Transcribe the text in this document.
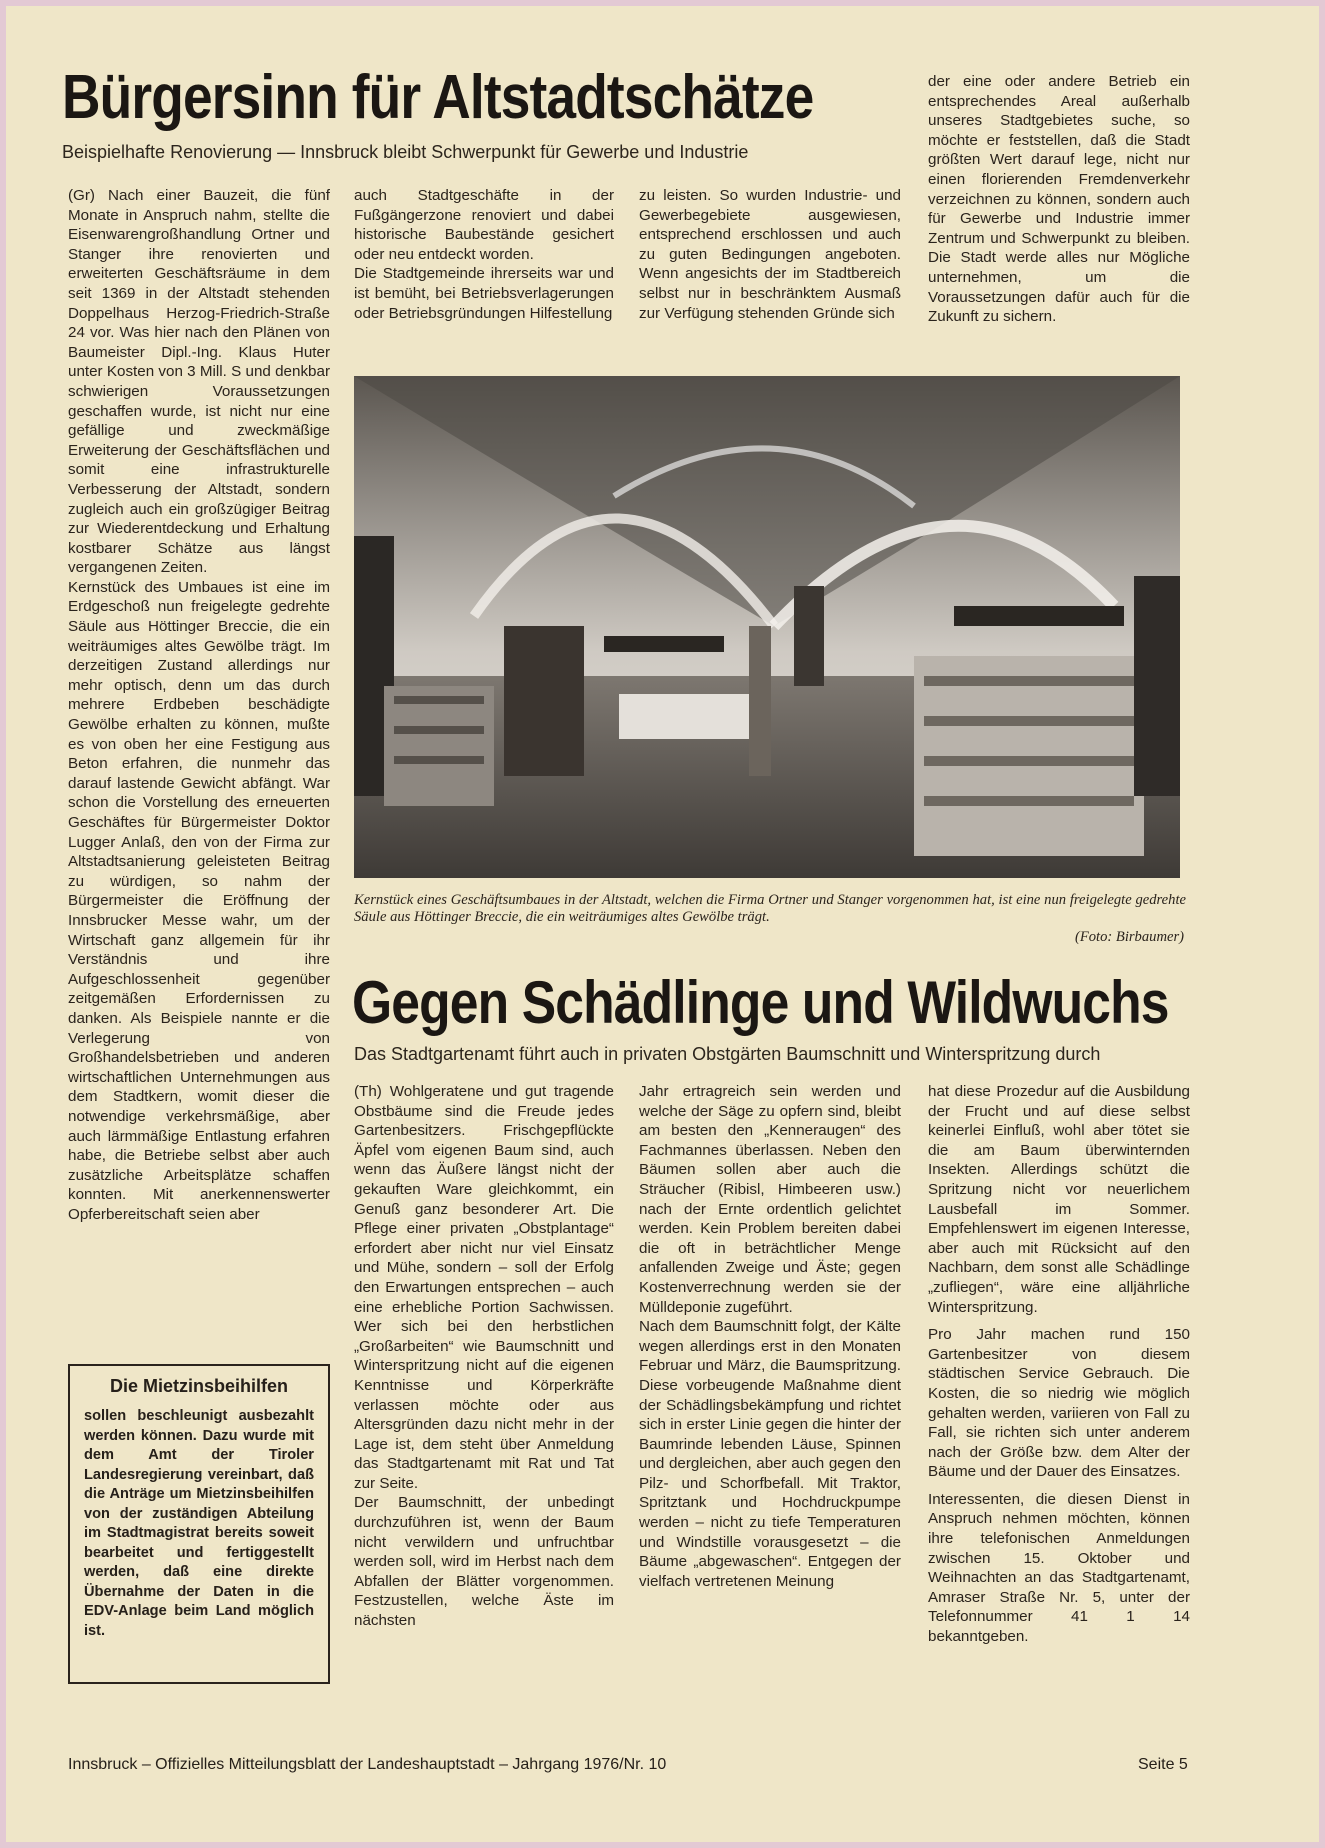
Bürgersinn für Altstadtschätze
Beispielhafte Renovierung — Innsbruck bleibt Schwerpunkt für Gewerbe und Industrie

(Gr) Nach einer Bauzeit, die fünf Monate in Anspruch nahm, stellte die Eisenwarengroßhandlung Ortner und Stanger ihre renovierten und erweiterten Geschäftsräume in dem seit 1369 in der Altstadt stehenden Doppelhaus Herzog-Friedrich-Straße 24 vor. Was hier nach den Plänen von Baumeister Dipl.-Ing. Klaus Huter unter Kosten von 3 Mill. S und denkbar schwierigen Voraussetzungen geschaffen wurde, ist nicht nur eine gefällige und zweckmäßige Erweiterung der Geschäftsflächen und somit eine infrastrukturelle Verbesserung der Altstadt, sondern zugleich auch ein großzügiger Beitrag zur Wiederentdeckung und Erhaltung kostbarer Schätze aus längst vergangenen Zeiten.

Kernstück des Umbaues ist eine im Erdgeschoß nun freigelegte gedrehte Säule aus Höttinger Breccie, die ein weiträumiges altes Gewölbe trägt. Im derzeitigen Zustand allerdings nur mehr optisch, denn um das durch mehrere Erdbeben beschädigte Gewölbe erhalten zu können, mußte es von oben her eine Festigung aus Beton erfahren, die nunmehr das darauf lastende Gewicht abfängt. War schon die Vorstellung des erneuerten Geschäftes für Bürgermeister Doktor Lugger Anlaß, den von der Firma zur Altstadtsanierung geleisteten Beitrag zu würdigen, so nahm der Bürgermeister die Eröffnung der Innsbrucker Messe wahr, um der Wirtschaft ganz allgemein für ihr Verständnis und ihre Aufgeschlossenheit gegenüber zeitgemäßen Erfordernissen zu danken. Als Beispiele nannte er die Verlegerung von Großhandelsbetrieben und anderen wirtschaftlichen Unternehmungen aus dem Stadtkern, womit dieser die notwendige verkehrsmäßige, aber auch lärmmäßige Entlastung erfahren habe, die Betriebe selbst aber auch zusätzliche Arbeitsplätze schaffen konnten. Mit anerkennenswerter Opferbereitschaft seien aber

auch Stadtgeschäfte in der Fußgängerzone renoviert und dabei historische Baubestände gesichert oder neu entdeckt worden.

Die Stadtgemeinde ihrerseits war und ist bemüht, bei Betriebsverlagerungen oder Betriebsgründungen Hilfestellung

zu leisten. So wurden Industrie- und Gewerbegebiete ausgewiesen, entsprechend erschlossen und auch zu guten Bedingungen angeboten. Wenn angesichts der im Stadtbereich selbst nur in beschränktem Ausmaß zur Verfügung stehenden Gründe sich

der eine oder andere Betrieb ein entsprechendes Areal außerhalb unseres Stadtgebietes suche, so möchte er feststellen, daß die Stadt größten Wert darauf lege, nicht nur einen florierenden Fremdenverkehr verzeichnen zu können, sondern auch für Gewerbe und Industrie immer Zentrum und Schwerpunkt zu bleiben. Die Stadt werde alles nur Mögliche unternehmen, um die Voraussetzungen dafür auch für die Zukunft zu sichern.

Kernstück eines Geschäftsumbaues in der Altstadt, welchen die Firma Ortner und Stanger vorgenommen hat, ist eine nun freigelegte gedrehte Säule aus Höttinger Breccie, die ein weiträumiges altes Gewölbe trägt.
(Foto: Birbaumer)
Gegen Schädlinge und Wildwuchs
Das Stadtgartenamt führt auch in privaten Obstgärten Baumschnitt und Winterspritzung durch

(Th) Wohlgeratene und gut tragende Obstbäume sind die Freude jedes Gartenbesitzers. Frischgepflückte Äpfel vom eigenen Baum sind, auch wenn das Äußere längst nicht der gekauften Ware gleichkommt, ein Genuß ganz besonderer Art. Die Pflege einer privaten „Obstplantage“ erfordert aber nicht nur viel Einsatz und Mühe, sondern – soll der Erfolg den Erwartungen entsprechen – auch eine erhebliche Portion Sachwissen. Wer sich bei den herbstlichen „Großarbeiten“ wie Baumschnitt und Winterspritzung nicht auf die eigenen Kenntnisse und Körperkräfte verlassen möchte oder aus Altersgründen dazu nicht mehr in der Lage ist, dem steht über Anmeldung das Stadtgartenamt mit Rat und Tat zur Seite.

Der Baumschnitt, der unbedingt durchzuführen ist, wenn der Baum nicht verwildern und unfruchtbar werden soll, wird im Herbst nach dem Abfallen der Blätter vorgenommen. Festzustellen, welche Äste im nächsten

Jahr ertragreich sein werden und welche der Säge zu opfern sind, bleibt am besten den „Kenneraugen“ des Fachmannes überlassen. Neben den Bäumen sollen aber auch die Sträucher (Ribisl, Himbeeren usw.) nach der Ernte ordentlich gelichtet werden. Kein Problem bereiten dabei die oft in beträchtlicher Menge anfallenden Zweige und Äste; gegen Kostenverrechnung werden sie der Mülldeponie zugeführt.

Nach dem Baumschnitt folgt, der Kälte wegen allerdings erst in den Monaten Februar und März, die Baumspritzung. Diese vorbeugende Maßnahme dient der Schädlingsbekämpfung und richtet sich in erster Linie gegen die hinter der Baumrinde lebenden Läuse, Spinnen und dergleichen, aber auch gegen den Pilz- und Schorfbefall. Mit Traktor, Spritztank und Hochdruckpumpe werden – nicht zu tiefe Temperaturen und Windstille vorausgesetzt – die Bäume „abgewaschen“. Entgegen der vielfach vertretenen Meinung

hat diese Prozedur auf die Ausbildung der Frucht und auf diese selbst keinerlei Einfluß, wohl aber tötet sie die am Baum überwinternden Insekten. Allerdings schützt die Spritzung nicht vor neuerlichem Lausbefall im Sommer. Empfehlenswert im eigenen Interesse, aber auch mit Rücksicht auf den Nachbarn, dem sonst alle Schädlinge „zufliegen“, wäre eine alljährliche Winterspritzung.

Pro Jahr machen rund 150 Gartenbesitzer von diesem städtischen Service Gebrauch. Die Kosten, die so niedrig wie möglich gehalten werden, variieren von Fall zu Fall, sie richten sich unter anderem nach der Größe bzw. dem Alter der Bäume und der Dauer des Einsatzes.

Interessenten, die diesen Dienst in Anspruch nehmen möchten, können ihre telefonischen Anmeldungen zwischen 15. Oktober und Weihnachten an das Stadtgartenamt, Amraser Straße Nr. 5, unter der Telefonnummer 41 1 14 bekanntgeben.

Die Mietzinsbeihilfen
sollen beschleunigt ausbezahlt werden können. Dazu wurde mit dem Amt der Tiroler Landesregierung vereinbart, daß die Anträge um Mietzinsbeihilfen von der zuständigen Abteilung im Stadtmagistrat bereits soweit bearbeitet und fertiggestellt werden, daß eine direkte Übernahme der Daten in die EDV-Anlage beim Land möglich ist.
Innsbruck – Offizielles Mitteilungsblatt der Landeshauptstadt – Jahrgang 1976/Nr. 10	Seite 5
